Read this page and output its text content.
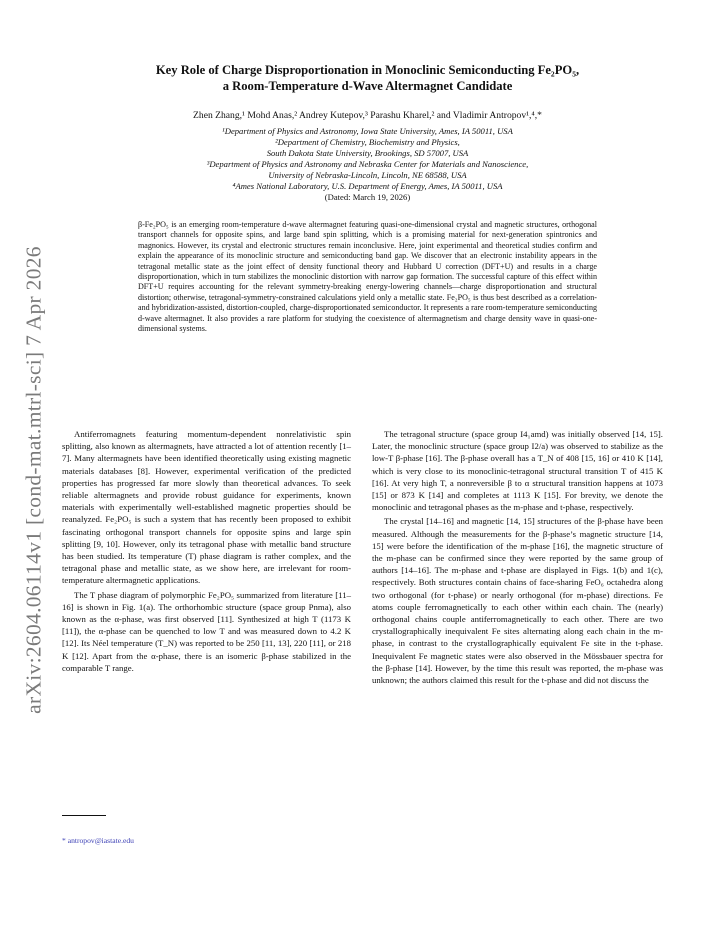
arXiv:2604.06114v1 [cond-mat.mtrl-sci] 7 Apr 2026
Key Role of Charge Disproportionation in Monoclinic Semiconducting Fe₂PO₅,
a Room-Temperature d-Wave Altermagnet Candidate
Zhen Zhang,¹ Mohd Anas,² Andrey Kutepov,³ Parashu Kharel,² and Vladimir Antropov¹,⁴,*
¹Department of Physics and Astronomy, Iowa State University, Ames, IA 50011, USA
²Department of Chemistry, Biochemistry and Physics,
South Dakota State University, Brookings, SD 57007, USA
³Department of Physics and Astronomy and Nebraska Center for Materials and Nanoscience,
University of Nebraska-Lincoln, Lincoln, NE 68588, USA
⁴Ames National Laboratory, U.S. Department of Energy, Ames, IA 50011, USA
(Dated: March 19, 2026)
β-Fe₂PO₅ is an emerging room-temperature d-wave altermagnet featuring quasi-one-dimensional crystal and magnetic structures, orthogonal transport channels for opposite spins, and large band spin splitting, which is a promising material for next-generation spintronics and magnonics. However, its crystal and electronic structures remain inconclusive. Here, joint experimental and theoretical studies confirm and explain the appearance of its monoclinic structure and semiconducting band gap. We discover that an electronic instability appears in the tetragonal metallic state as the joint effect of density functional theory and Hubbard U correction (DFT+U) and results in a charge disproportionation, which in turn stabilizes the monoclinic distortion with narrow gap formation. The successful capture of this effect within DFT+U requires accounting for the relevant symmetry-breaking energy-lowering channels—charge disproportionation and structural distortion; otherwise, tetragonal-symmetry-constrained calculations yield only a metallic state. Fe₂PO₅ is thus best described as a correlation- and hybridization-assisted, distortion-coupled, charge-disproportionated semiconductor. It represents a rare room-temperature semiconducting d-wave altermagnet. It also provides a rare platform for studying the coexistence of altermagnetism and charge density wave in quasi-one-dimensional systems.

Antiferromagnets featuring momentum-dependent nonrelativistic spin splitting, also known as altermagnets, have attracted a lot of attention recently [1–7]. Many altermagnets have been identified theoretically using existing magnetic materials databases [8]. However, experimental verification of the predicted properties has progressed far more slowly than theoretical advances. To seek reliable altermagnets and provide robust guidance for experiments, known materials with experimentally well-established magnetic properties should be reanalyzed. Fe₂PO₅ is such a system that has recently been proposed to exhibit fascinating orthogonal transport channels for opposite spins and large spin splitting [9, 10]. However, only its tetragonal phase with metallic band structure has been studied. Its temperature (T) phase diagram is rather complex, and the tetragonal phase and metallic state, as we show here, are irrelevant for room-temperature altermagnetic applications.

The T phase diagram of polymorphic Fe₂PO₅ summarized from literature [11–16] is shown in Fig. 1(a). The orthorhombic structure (space group Pnma), also known as the α-phase, was first observed [11]. Synthesized at high T (1173 K [11]), the α-phase can be quenched to low T and was measured down to 4.2 K [12]. Its Néel temperature (T_N) was reported to be 250 [11, 13], 220 [11], or 218 K [12]. Apart from the α-phase, there is an isomeric β-phase stabilized in the comparable T range.

The tetragonal structure (space group I4₁amd) was initially observed [14, 15]. Later, the monoclinic structure (space group I2/a) was observed to stabilize as the low-T β-phase [16]. The β-phase overall has a T_N of 408 [15, 16] or 410 K [14], which is very close to its monoclinic-tetragonal structural transition T of 415 K [16]. At very high T, a nonreversible β to α structural transition happens at 1073 [15] or 873 K [14] and completes at 1113 K [15]. For brevity, we denote the monoclinic and tetragonal phases as the m-phase and t-phase, respectively.

The crystal [14–16] and magnetic [14, 15] structures of the β-phase have been measured. Although the measurements for the β-phase’s magnetic structure [14, 15] were before the identification of the m-phase [16], the magnetic structure of the m-phase can be confirmed since they were reported by the same group of authors [14–16]. The m-phase and t-phase are displayed in Figs. 1(b) and 1(c), respectively. Both structures contain chains of face-sharing FeO₆ octahedra along two orthogonal (for t-phase) or nearly orthogonal (for m-phase) directions. Fe atoms couple ferromagnetically to each other within each chain. The (nearly) orthogonal chains couple antiferromagnetically to each other. There are two crystallographically inequivalent Fe sites alternating along each chain in the m-phase, in contrast to the crystallographically equivalent Fe site in the t-phase. Inequivalent Fe magnetic states were also observed in the Mössbauer spectra for the β-phase [14]. However, by the time this result was reported, the m-phase was unknown; the authors claimed this result for the t-phase and did not discuss the

* antropov@iastate.edu
